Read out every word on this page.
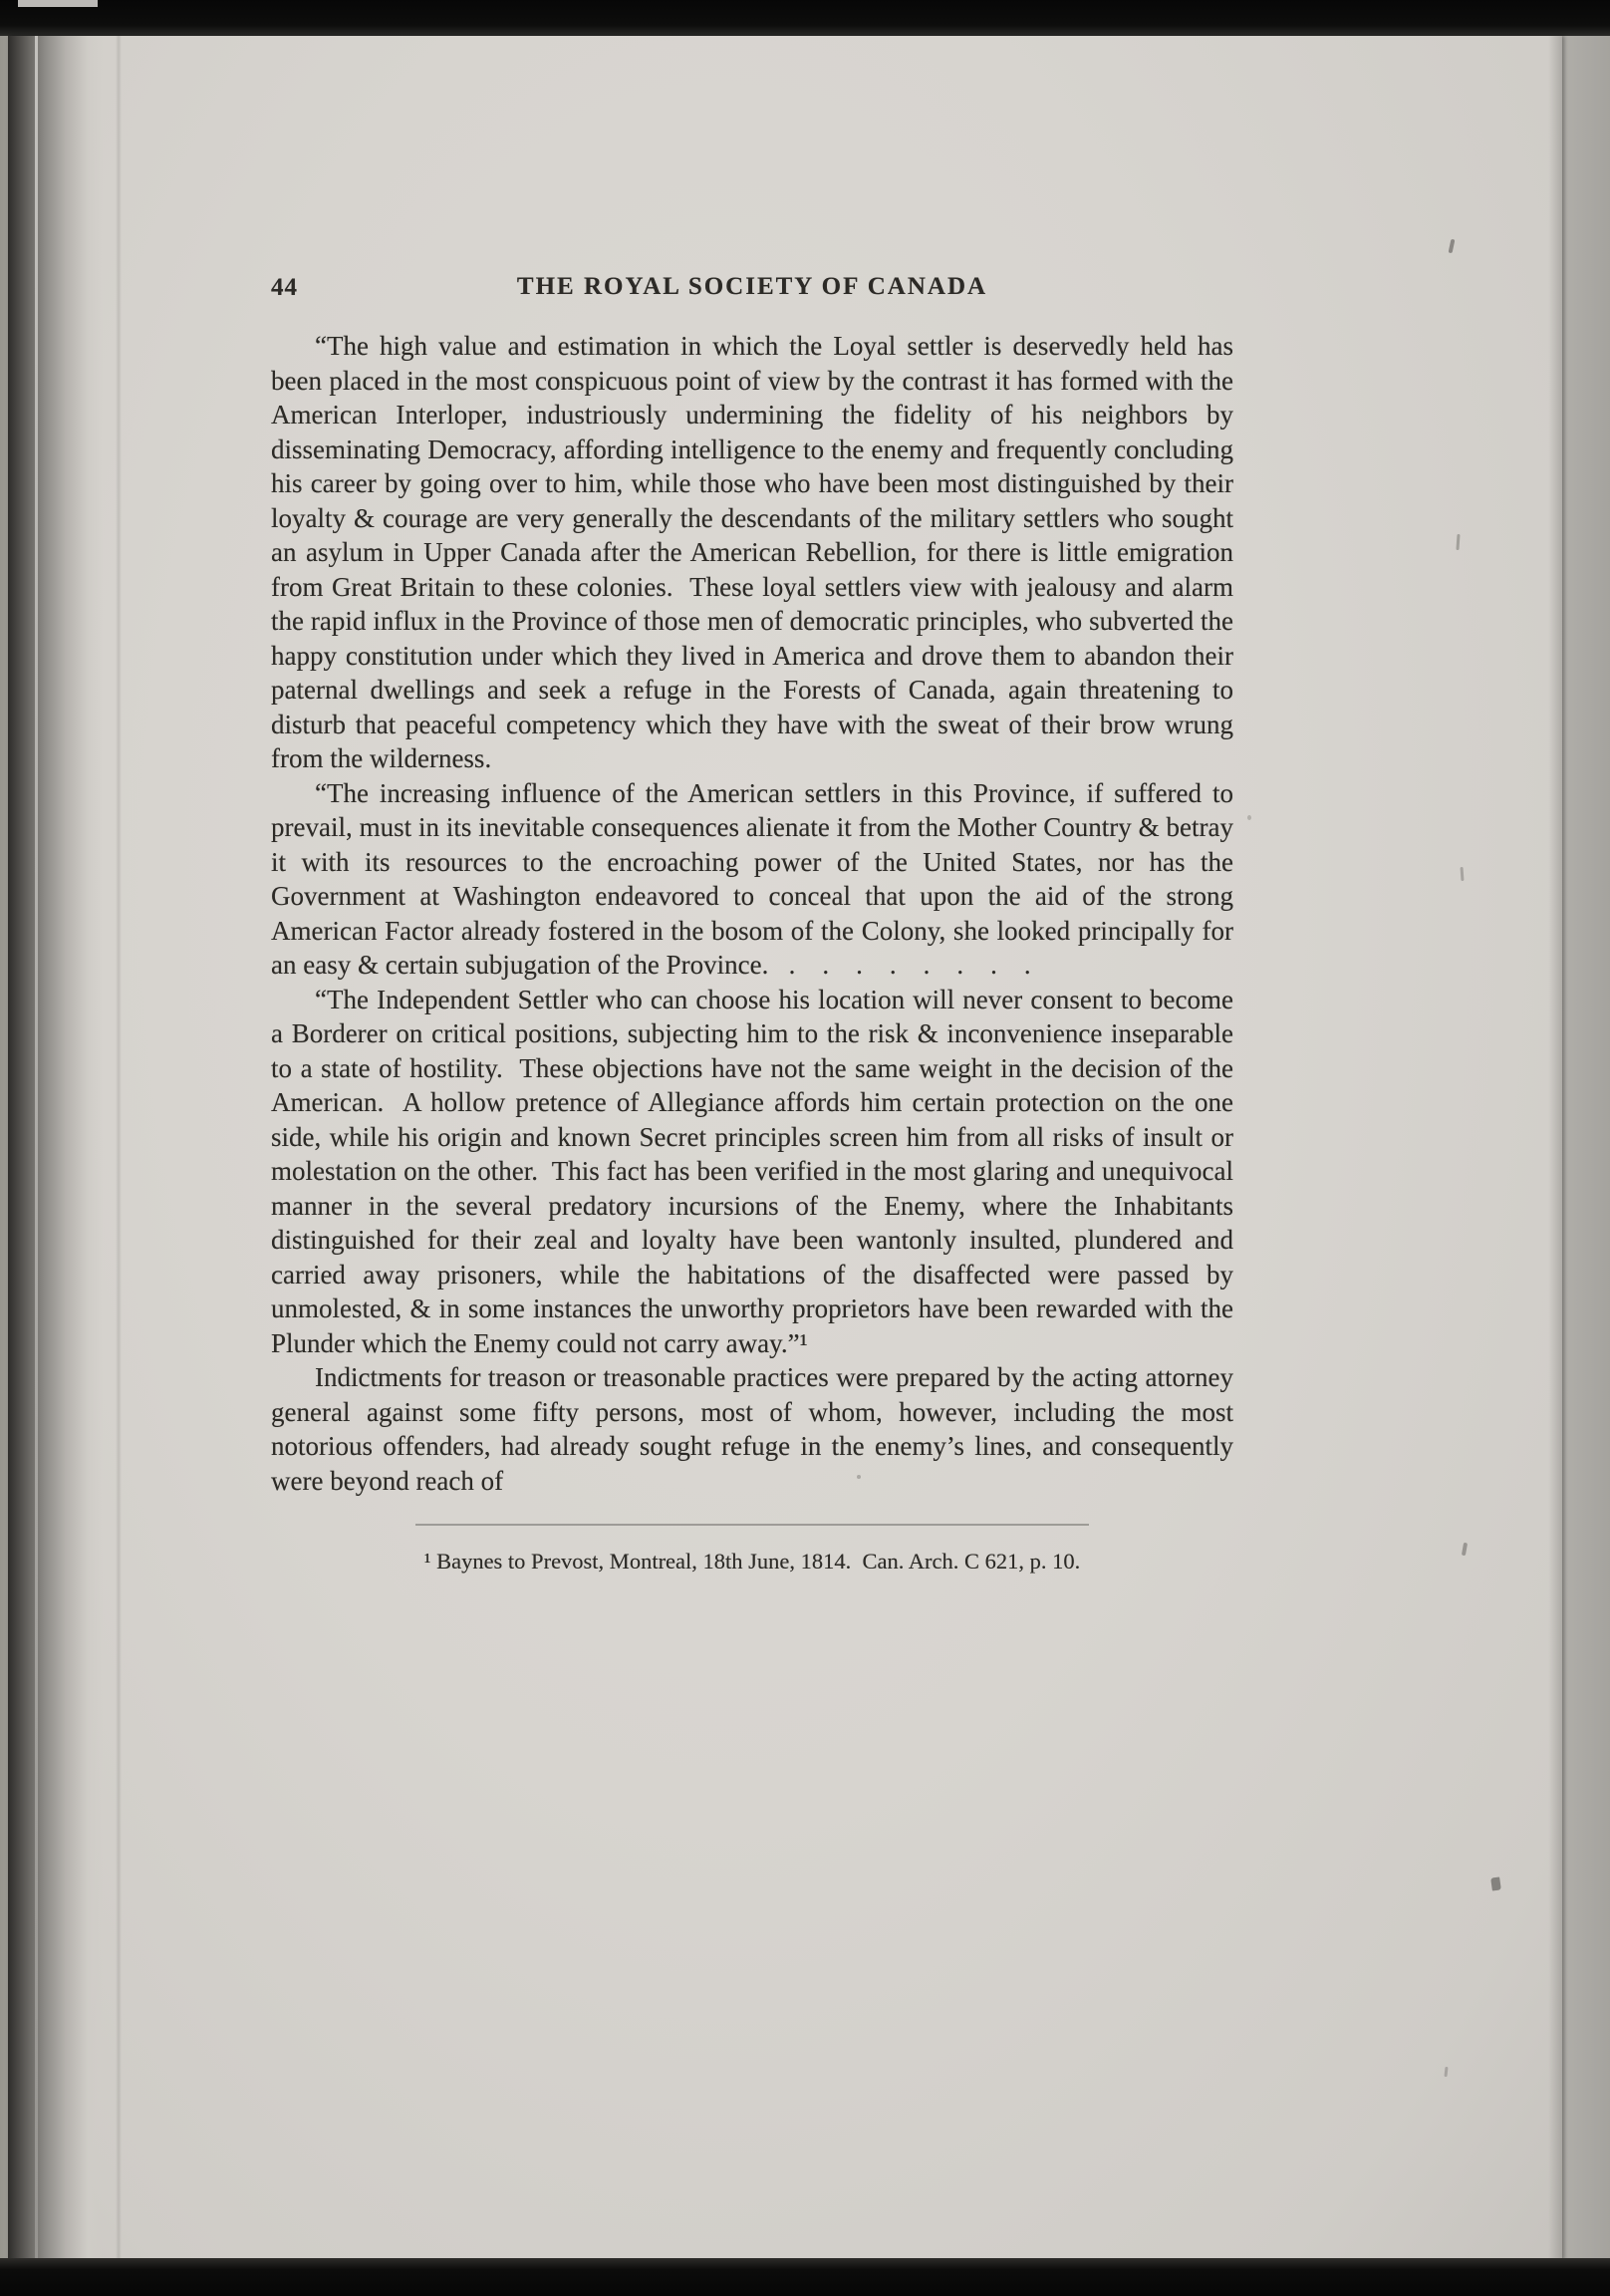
44	THE ROYAL SOCIETY OF CANADA

“The high value and estimation in which the Loyal settler is deservedly held has been placed in the most conspicuous point of view by the contrast it has formed with the American Interloper, industriously undermining the fidelity of his neighbors by disseminating Democracy, affording intelligence to the enemy and frequently concluding his career by going over to him, while those who have been most distinguished by their loyalty & courage are very generally the descendants of the military settlers who sought an asylum in Upper Canada after the American Rebellion, for there is little emigration from Great Britain to these colonies.  These loyal settlers view with jealousy and alarm the rapid influx in the Province of those men of democratic principles, who subverted the happy constitution under which they lived in America and drove them to abandon their paternal dwellings and seek a refuge in the Forests of Canada, again threatening to disturb that peaceful competency which they have with the sweat of their brow wrung from the wilderness.

“The increasing influence of the American settlers in this Province, if suffered to prevail, must in its inevitable consequences alienate it from the Mother Country & betray it with its resources to the encroaching power of the United States, nor has the Government at Washington endeavored to conceal that upon the aid of the strong American Factor already fostered in the bosom of the Colony, she looked principally for an easy & certain subjugation of the Province.   .    .    .    .    .    .    .    .

“The Independent Settler who can choose his location will never consent to become a Borderer on critical positions, subjecting him to the risk & inconvenience inseparable to a state of hostility.  These objections have not the same weight in the decision of the American.  A hollow pretence of Allegiance affords him certain protection on the one side, while his origin and known Secret principles screen him from all risks of insult or molestation on the other.  This fact has been verified in the most glaring and unequivocal manner in the several predatory incursions of the Enemy, where the Inhabitants distinguished for their zeal and loyalty have been wantonly insulted, plundered and carried away prisoners, while the habitations of the disaffected were passed by unmolested, & in some instances the unworthy proprietors have been rewarded with the Plunder which the Enemy could not carry away.”¹

Indictments for treason or treasonable practices were prepared by the acting attorney general against some fifty persons, most of whom, however, including the most notorious offenders, had already sought refuge in the enemy’s lines, and consequently were beyond reach of

¹ Baynes to Prevost, Montreal, 18th June, 1814.  Can. Arch. C 621, p. 10.
